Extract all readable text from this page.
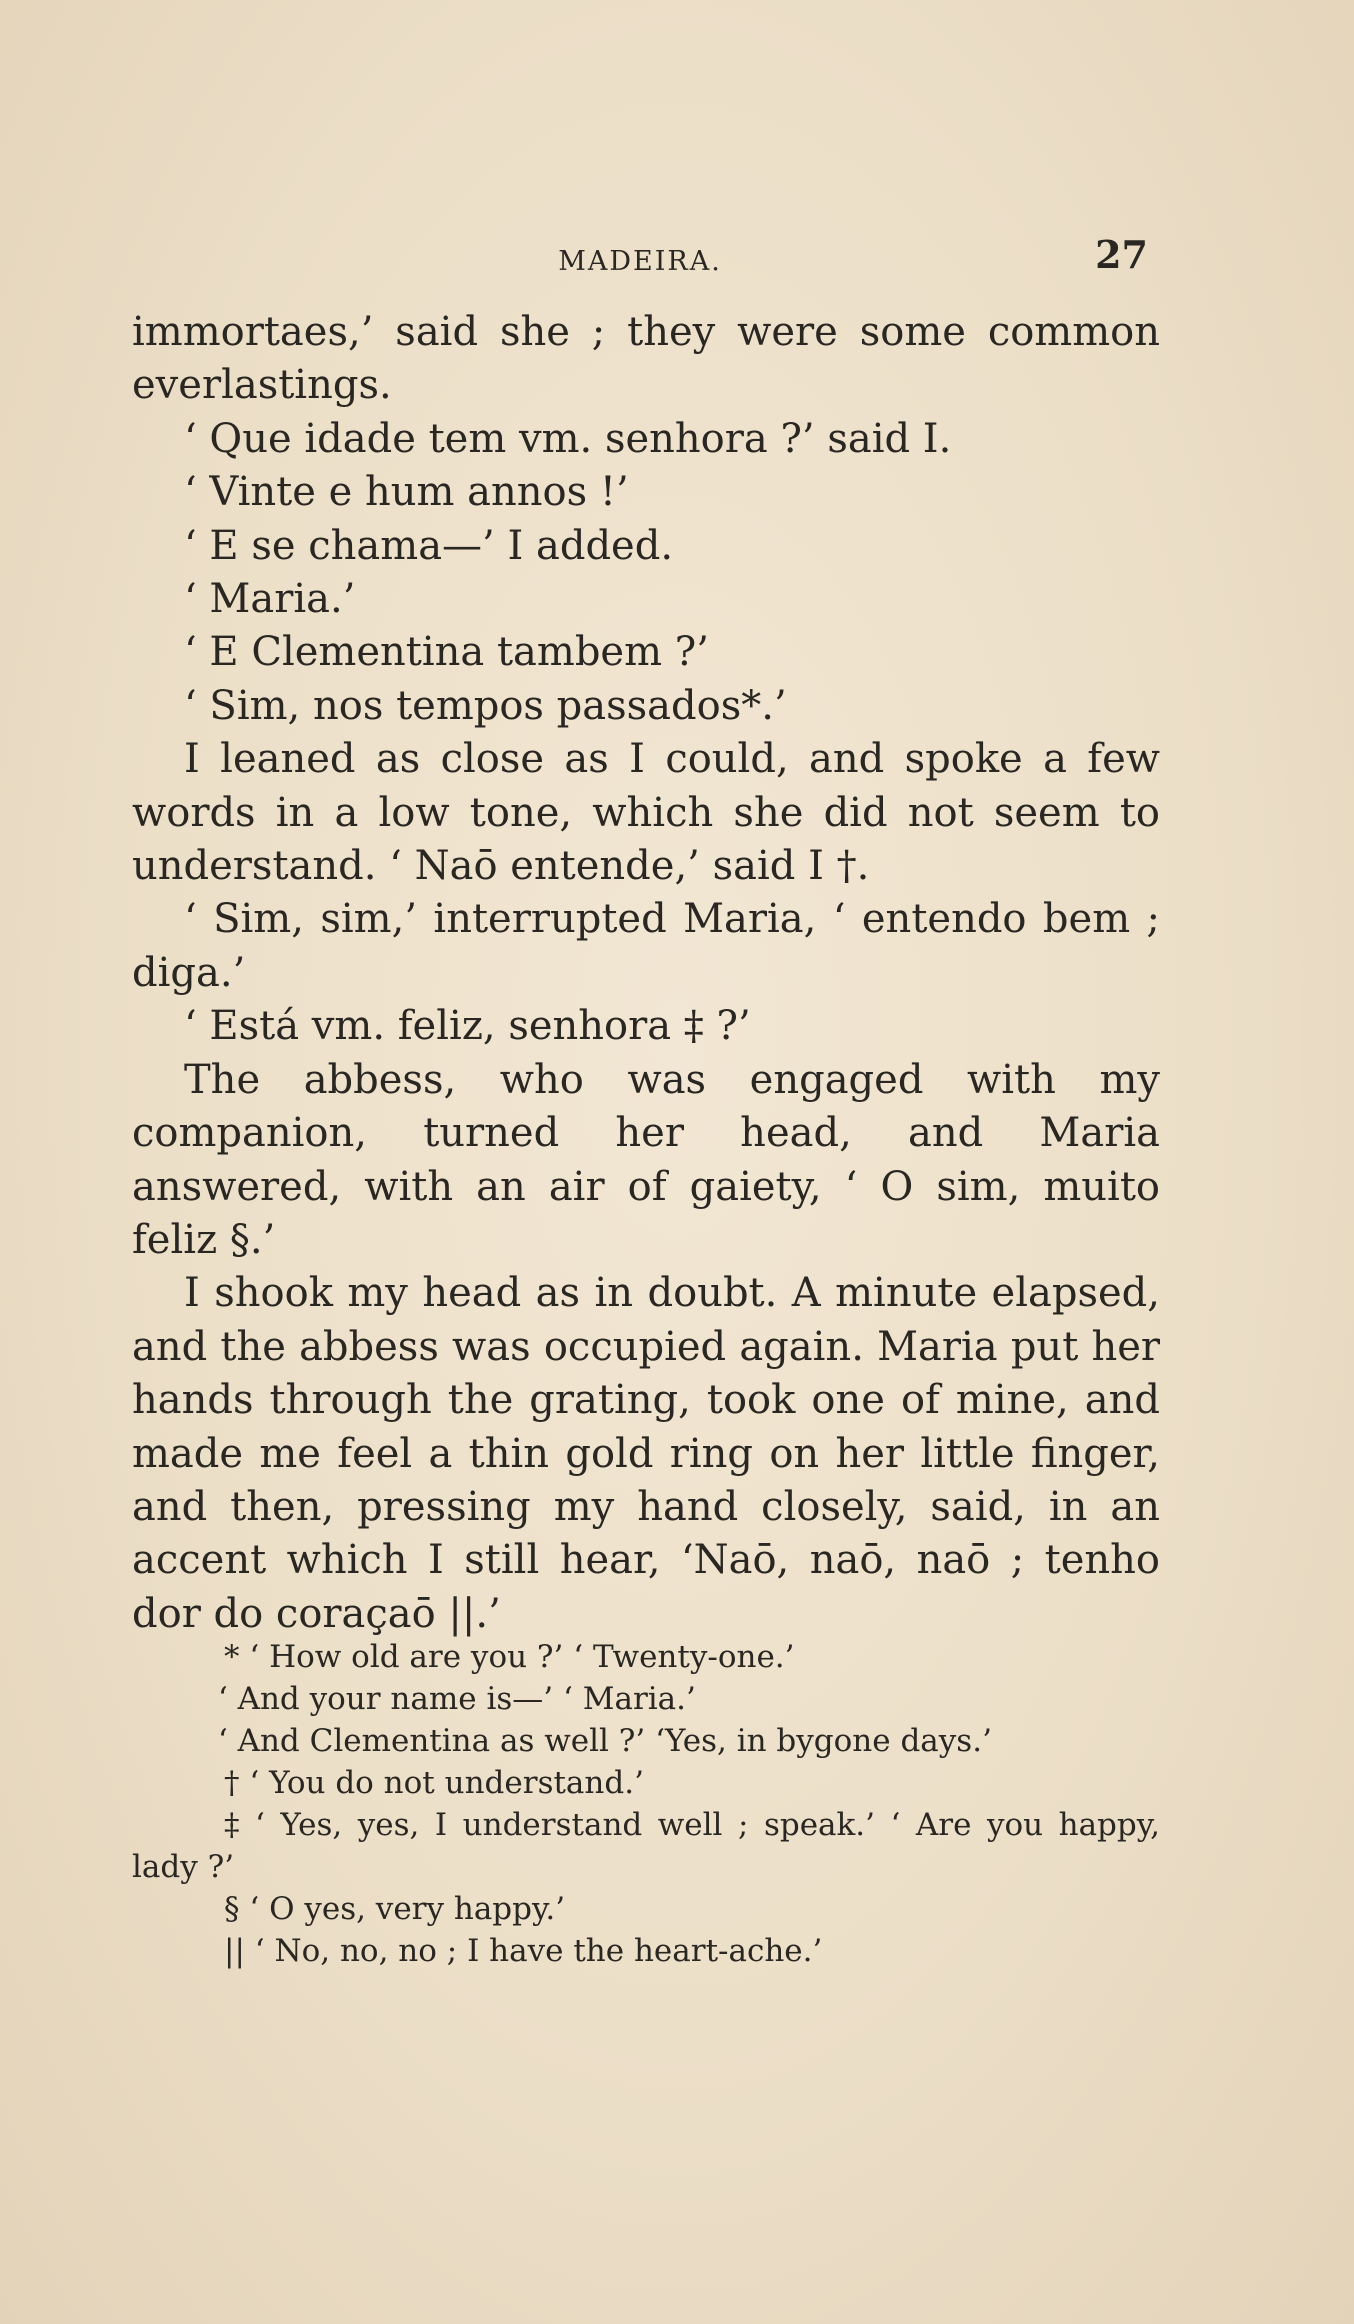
MADEIRA.	27

immortaes,’ said she ; they were some common everlastings.

‘ Que idade tem vm. senhora ?’ said I.

‘ Vinte e hum annos !’

‘ E se chama—’ I added.

‘ Maria.’

‘ E Clementina tambem ?’

‘ Sim, nos tempos passados*.’

I leaned as close as I could, and spoke a few words in a low tone, which she did not seem to understand. ‘ Naō entende,’ said I †.

‘ Sim, sim,’ interrupted Maria, ‘ entendo bem ; diga.’

‘ Está vm. feliz, senhora ‡ ?’

The abbess, who was engaged with my companion, turned her head, and Maria answered, with an air of gaiety, ‘ O sim, muito feliz §.’

I shook my head as in doubt. A minute elapsed, and the abbess was occupied again. Maria put her hands through the grating, took one of mine, and made me feel a thin gold ring on her little finger, and then, pressing my hand closely, said, in an accent which I still hear, ‘Naō, naō, naō ; tenho dor do coraçaō ||.’

* ‘ How old are you ?’ ‘ Twenty-one.’

‘ And your name is—’ ‘ Maria.’

‘ And Clementina as well ?’ ‘Yes, in bygone days.’

† ‘ You do not understand.’

‡ ‘ Yes, yes, I understand well ; speak.’ ‘ Are you happy, lady ?’

§ ‘ O yes, very happy.’

|| ‘ No, no, no ; I have the heart-ache.’
